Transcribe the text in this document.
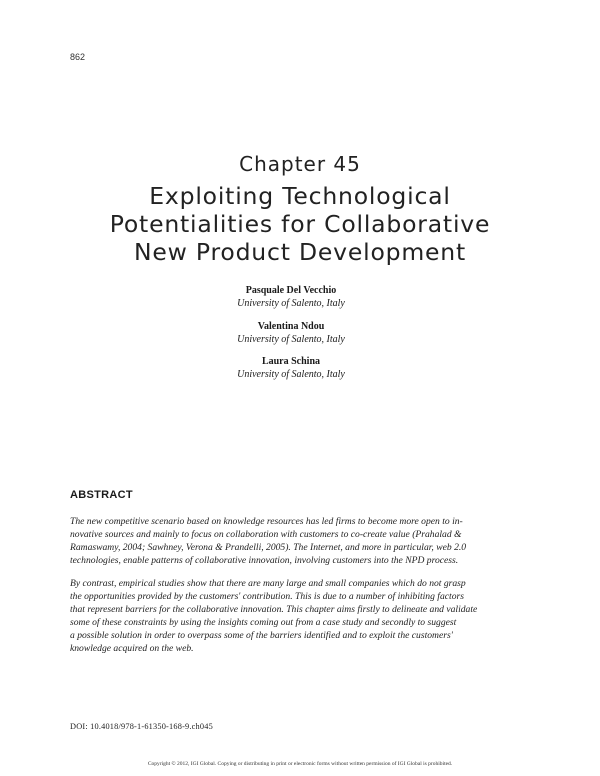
862
Chapter 45
Exploiting Technological
Potentialities for Collaborative
New Product Development
Pasquale Del Vecchio
University of Salento, Italy
Valentina Ndou
University of Salento, Italy
Laura Schina
University of Salento, Italy
ABSTRACT
The new competitive scenario based on knowledge resources has led firms to become more open to in-
novative sources and mainly to focus on collaboration with customers to co-create value (Prahalad &
Ramaswamy, 2004; Sawhney, Verona & Prandelli, 2005). The Internet, and more in particular, web 2.0
technologies, enable patterns of collaborative innovation, involving customers into the NPD process.
By contrast, empirical studies show that there are many large and small companies which do not grasp
the opportunities provided by the customers' contribution. This is due to a number of inhibiting factors
that represent barriers for the collaborative innovation. This chapter aims firstly to delineate and validate
some of these constraints by using the insights coming out from a case study and secondly to suggest
a possible solution in order to overpass some of the barriers identified and to exploit the customers'
knowledge acquired on the web.
DOI: 10.4018/978-1-61350-168-9.ch045
Copyright © 2012, IGI Global. Copying or distributing in print or electronic forms without written permission of IGI Global is prohibited.
